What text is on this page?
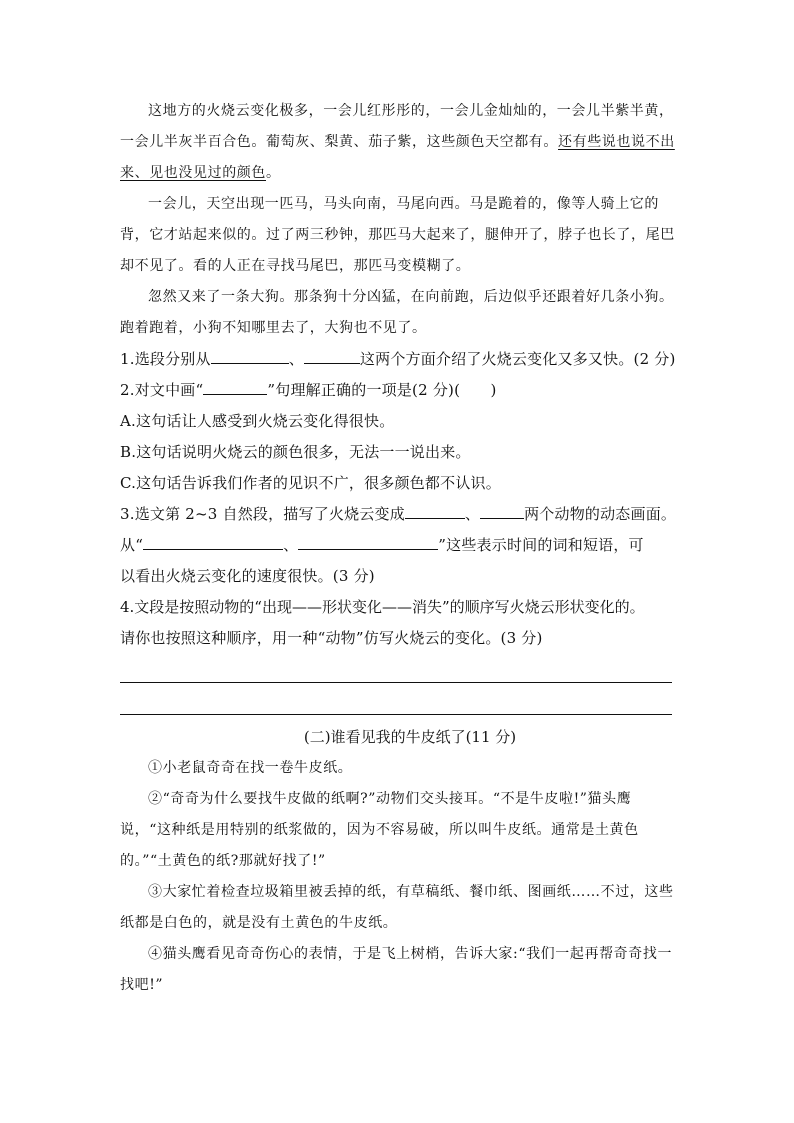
这地方的火烧云变化极多，一会儿红彤彤的，一会儿金灿灿的，一会儿半紫半黄，一会儿半灰半百合色。葡萄灰、梨黄、茄子紫，这些颜色天空都有。还有些说也说不出来、见也没见过的颜色。

一会儿，天空出现一匹马，马头向南，马尾向西。马是跪着的，像等人骑上它的背，它才站起来似的。过了两三秒钟，那匹马大起来了，腿伸开了，脖子也长了，尾巴却不见了。看的人正在寻找马尾巴，那匹马变模糊了。

忽然又来了一条大狗。那条狗十分凶猛，在向前跑，后边似乎还跟着好几条小狗。跑着跑着，小狗不知哪里去了，大狗也不见了。

1.选段分别从	、	这两个方面介绍了火烧云变化又多又快。(2 分)

2.对文中画“	”句理解正确的一项是(2 分)(　　)

A.这句话让人感受到火烧云变化得很快。

B.这句话说明火烧云的颜色很多，无法一一说出来。

C.这句话告诉我们作者的见识不广，很多颜色都不认识。

3.选文第 2~3 自然段，描写了火烧云变成	、	两个动物的动态画面。

从“	、	”这些表示时间的词和短语，可

以看出火烧云变化的速度很快。(3 分)

4.文段是按照动物的“出现——形状变化——消失”的顺序写火烧云形状变化的。

请你也按照这种顺序，用一种“动物”仿写火烧云的变化。(3 分)

(二)谁看见我的牛皮纸了(11 分)

①小老鼠奇奇在找一卷牛皮纸。

②“奇奇为什么要找牛皮做的纸啊?”动物们交头接耳。“不是牛皮啦!”猫头鹰说，“这种纸是用特别的纸浆做的，因为不容易破，所以叫牛皮纸。通常是土黄色的。”“土黄色的纸?那就好找了!”

③大家忙着检查垃圾箱里被丢掉的纸，有草稿纸、餐巾纸、图画纸……不过，这些纸都是白色的，就是没有土黄色的牛皮纸。

④猫头鹰看见奇奇伤心的表情，于是飞上树梢，告诉大家:“我们一起再帮奇奇找一找吧!”
